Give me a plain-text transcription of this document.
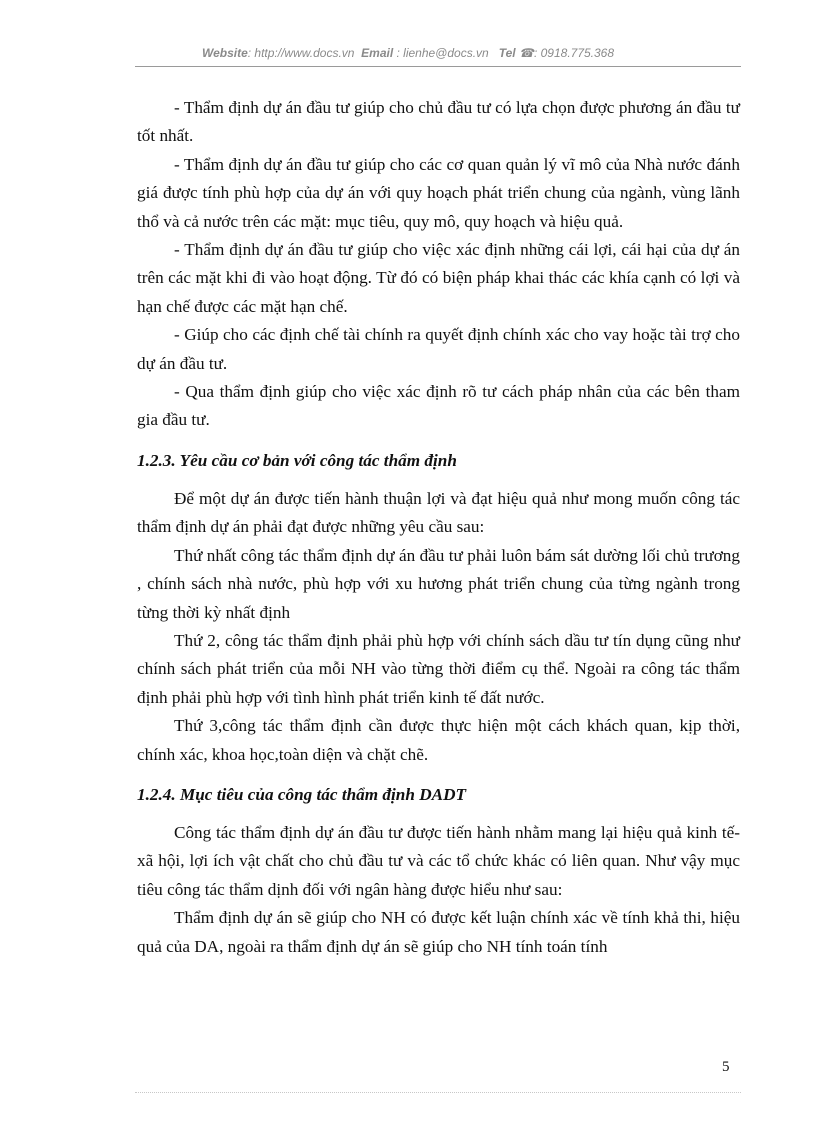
Website: http://www.docs.vn Email : lienhe@docs.vn Tel ☎: 0918.775.368

- Thẩm định dự án đầu tư giúp cho chủ đầu tư có lựa chọn được phương án đầu tư tốt nhất.

- Thẩm định dự án đầu tư giúp cho các cơ quan quản lý vĩ mô của Nhà nước đánh giá được tính phù hợp của dự án với quy hoạch phát triển chung của ngành, vùng lãnh thổ và cả nước trên các mặt: mục tiêu, quy mô, quy hoạch và hiệu quả.

- Thẩm định dự án đầu tư giúp cho việc xác định những cái lợi, cái hại của dự án trên các mặt khi đi vào hoạt động. Từ đó có biện pháp khai thác các khía cạnh có lợi và hạn chế được các mặt hạn chế.

- Giúp cho các định chế tài chính ra quyết định chính xác cho vay hoặc tài trợ cho dự án đầu tư.

- Qua thẩm định giúp cho việc xác định rõ tư cách pháp nhân của các bên tham gia đầu tư.

1.2.3. Yêu cầu cơ bản với công tác thẩm định

Để một dự án được tiến hành thuận lợi và đạt hiệu quả như mong muốn công tác thẩm định dự án phải đạt được những yêu cầu sau:

Thứ nhất công tác thẩm định dự án đầu tư phải luôn bám sát dường lối chủ trương , chính sách nhà nước, phù hợp với xu hương phát triển chung của từng ngành trong từng thời kỳ nhất định

Thứ 2, công tác thẩm định phải phù hợp với chính sách dầu tư tín dụng cũng như chính sách phát triển của mỗi NH vào từng thời điểm cụ thể. Ngoài ra công tác thẩm định phải phù hợp với tình hình phát triển kinh tế đất nước.

Thứ 3,công tác thẩm định cần được thực hiện một cách khách quan, kịp thời, chính xác, khoa học,toàn diện và chặt chẽ.

1.2.4. Mục tiêu của công tác thẩm định DADT

Công tác thẩm định dự án đầu tư được tiến hành nhằm mang lại hiệu quả kinh tế-xã hội, lợi ích vật chất cho chủ đầu tư và các tổ chức khác có liên quan. Như vậy mục tiêu công tác thẩm dịnh đối với ngân hàng được hiểu như sau:

Thẩm định dự án sẽ giúp cho NH có được kết luận chính xác về tính khả thi, hiệu quả của DA, ngoài ra thẩm định dự án sẽ giúp cho NH tính toán tính

5
